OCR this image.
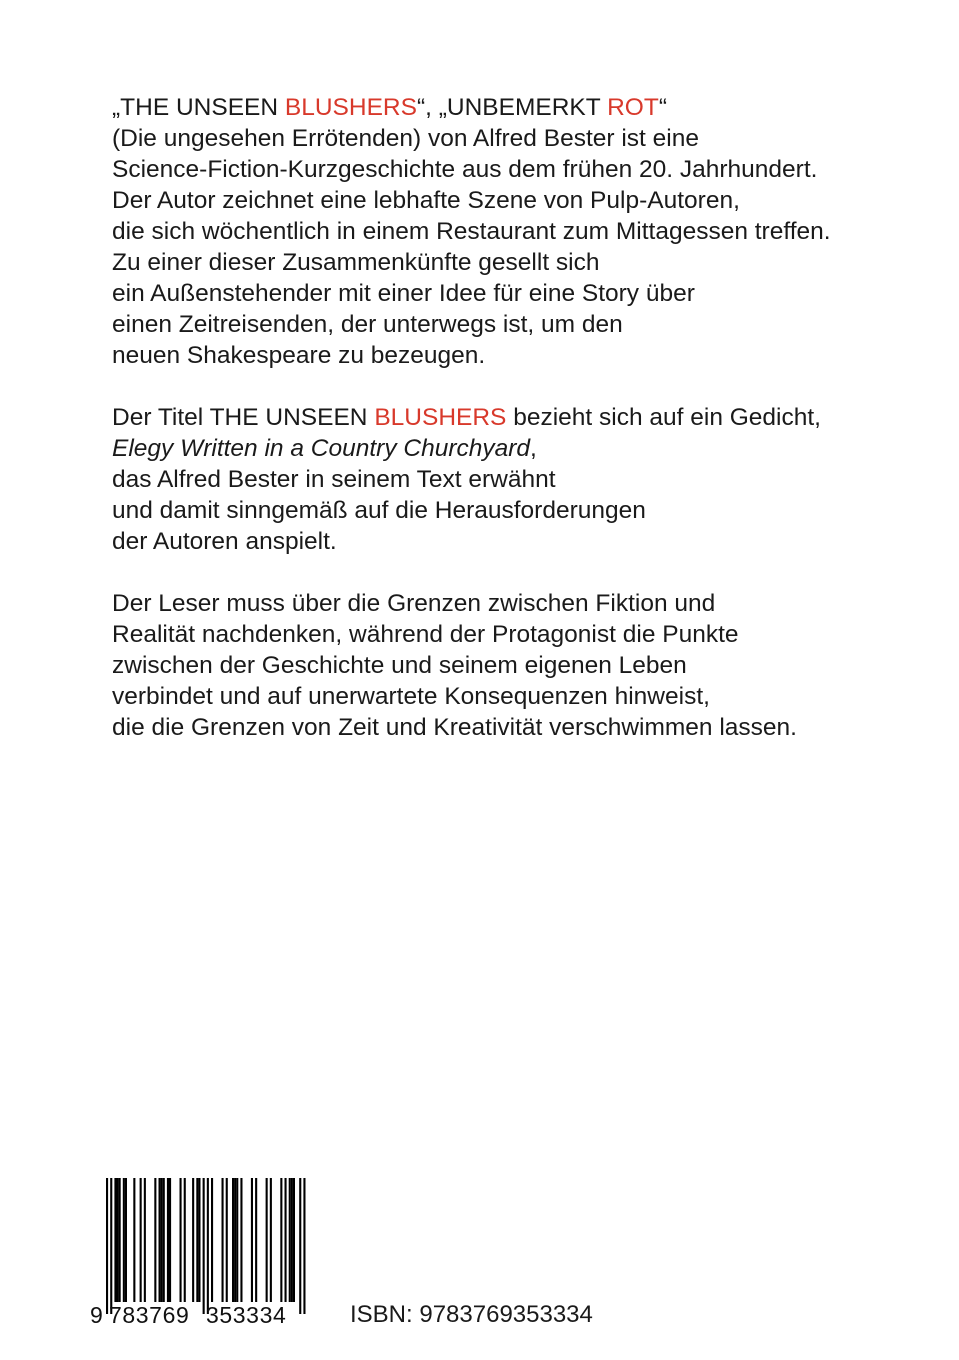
„THE UNSEEN BLUSHERS“, „UNBEMERKT ROT“
(Die ungesehen Errötenden) von Alfred Bester ist eine
Science-Fiction-Kurzgeschichte aus dem frühen 20. Jahrhundert.
Der Autor zeichnet eine lebhafte Szene von Pulp-Autoren,
die sich wöchentlich in einem Restaurant zum Mittagessen treffen.
Zu einer dieser Zusammenkünfte gesellt sich
ein Außenstehender mit einer Idee für eine Story über
einen Zeitreisenden, der unterwegs ist, um den
neuen Shakespeare zu bezeugen.

Der Titel THE UNSEEN BLUSHERS bezieht sich auf ein Gedicht,
Elegy Written in a Country Churchyard,
das Alfred Bester in seinem Text erwähnt
und damit sinngemäß auf die Herausforderungen
der Autoren anspielt.

Der Leser muss über die Grenzen zwischen Fiktion und
Realität nachdenken, während der Protagonist die Punkte
zwischen der Geschichte und seinem eigenen Leben
verbindet und auf unerwartete Konsequenzen hinweist,
die die Grenzen von Zeit und Kreativität verschwimmen lassen.

9 783769 353334	ISBN: 9783769353334
